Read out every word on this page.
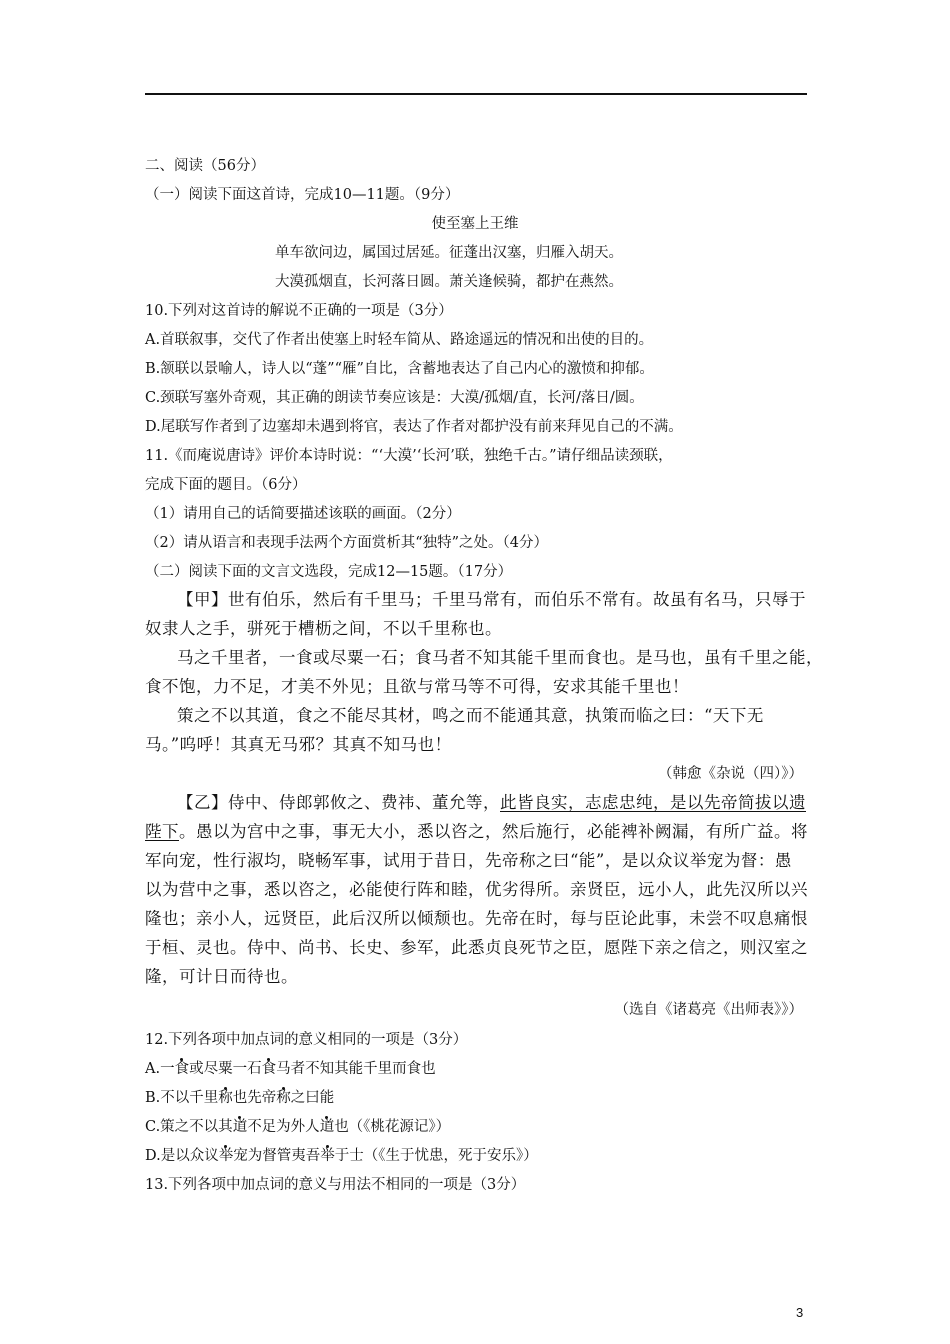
二、阅读（56分）
（一）阅读下面这首诗，完成10—11题。（9分）
使至塞上王维
单车欲问边，属国过居延。征蓬出汉塞，归雁入胡天。
大漠孤烟直，长河落日圆。萧关逢候骑，都护在燕然。
10.下列对这首诗的解说不正确的一项是（3分）
A.首联叙事，交代了作者出使塞上时轻车简从、路途遥远的情况和出使的目的。
B.颔联以景喻人，诗人以“蓬”“雁”自比，含蓄地表达了自己内心的激愤和抑郁。
C.颈联写塞外奇观，其正确的朗读节奏应该是：大漠/孤烟/直，长河/落日/圆。
D.尾联写作者到了边塞却未遇到将官，表达了作者对都护没有前来拜见自己的不满。
11.《而庵说唐诗》评价本诗时说：“‘大漠’‘长河’联，独绝千古。”请仔细品读颈联，
完成下面的题目。（6分）
（1）请用自己的话简要描述该联的画面。（2分）
（2）请从语言和表现手法两个方面赏析其“独特”之处。（4分）
（二）阅读下面的文言文选段，完成12—15题。（17分）
【甲】世有伯乐，然后有千里马；千里马常有，而伯乐不常有。故虽有名马，只辱于
奴隶人之手，骈死于槽枥之间，不以千里称也。
马之千里者，一食或尽粟一石；食马者不知其能千里而食也。是马也，虽有千里之能，
食不饱，力不足，才美不外见；且欲与常马等不可得，安求其能千里也！
策之不以其道，食之不能尽其材，鸣之而不能通其意，执策而临之曰：“天下无
马。”呜呼！其真无马邪？其真不知马也！
（韩愈《杂说（四）》）
【乙】侍中、侍郎郭攸之、费祎、董允等，此皆良实，志虑忠纯，是以先帝简拔以遗
陛下。愚以为宫中之事，事无大小，悉以咨之，然后施行，必能裨补阙漏，有所广益。将
军向宠，性行淑均，晓畅军事，试用于昔日，先帝称之曰“能”，是以众议举宠为督：愚
以为营中之事，悉以咨之，必能使行阵和睦，优劣得所。亲贤臣，远小人，此先汉所以兴
隆也；亲小人，远贤臣，此后汉所以倾颓也。先帝在时，每与臣论此事，未尝不叹息痛恨
于桓、灵也。侍中、尚书、长史、参军，此悉贞良死节之臣，愿陛下亲之信之，则汉室之
隆，可计日而待也。
（选自《诸葛亮《出师表》》）
12.下列各项中加点词的意义相同的一项是（3分）
A.一食或尽粟一石食马者不知其能千里而食也
B.不以千里称也先帝称之曰能
C.策之不以其道不足为外人道也（《桃花源记》）
D.是以众议举宠为督管夷吾举于士（《生于忧患，死于安乐》）
13.下列各项中加点词的意义与用法不相同的一项是（3分）
3
